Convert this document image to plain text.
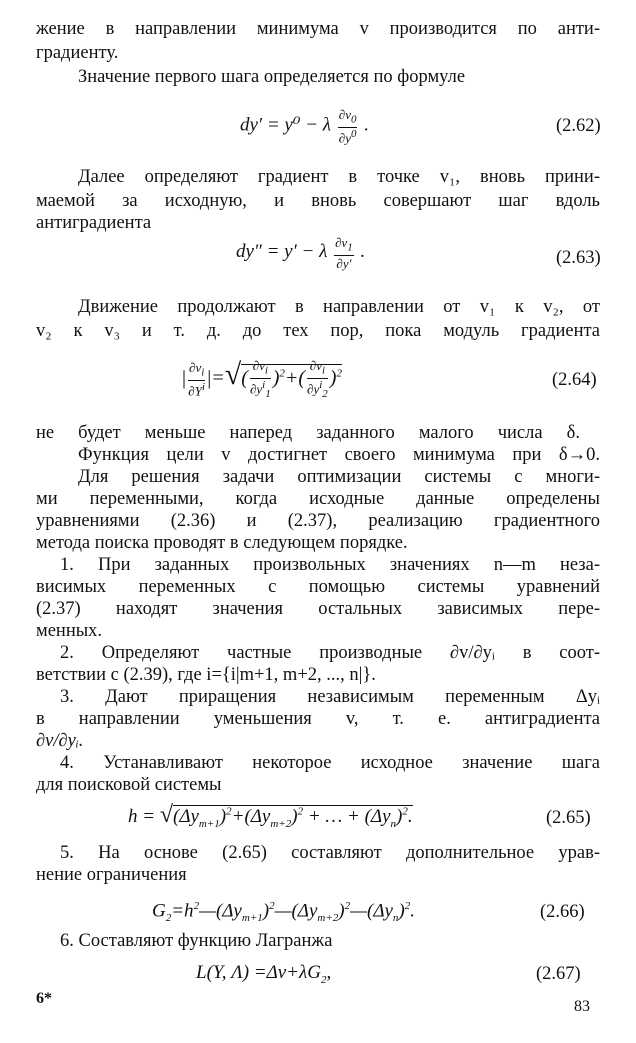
жение в направлении минимума v производится по анти-
градиенту.
Значение первого шага определяется по формуле
dy′ = y⁰ − λ $\frac{\partial v_0}{\partial y^0}$ .	(2.62)
Далее определяют градиент в точке v₁, вновь прини-
маемой за исходную, и вновь совершают шаг вдоль
антиградиента
dy″ = y′ − λ $\frac{\partial v_1}{\partial y'}$ .	(2.63)
Движение продолжают в направлении от v₁ к v₂, от
v₂ к v₃ и т. д. до тех пор, пока модуль градиента
| $\frac{\partial v_i}{\partial Y^i}$ |=√( $\frac{\partial v_i}{\partial y^i_1} )^2+( \frac{\partial v_i}{\partial y^i_2} )^2$	(2.64)
не будет меньше наперед заданного малого числа δ.
Функция цели v достигнет своего минимума при δ→0.
Для решения задачи оптимизации системы с многи-
ми переменными, когда исходные данные определены
уравнениями (2.36) и (2.37), реализацию градиентного
метода поиска проводят в следующем порядке.
1. При заданных произвольных значениях n—m неза-
висимых переменных с помощью системы уравнений
(2.37) находят значения остальных зависимых пере-
менных.
2. Определяют частные производные ∂v/∂yᵢ в соот-
ветствии с (2.39), где i={i|m+1, m+2, ..., n|}.
3. Дают приращения независимым переменным Δyᵢ
в направлении уменьшения v, т. е. антиградиента
∂v/∂yᵢ.
4. Устанавливают некоторое исходное значение шага
для поисковой системы
$h = √(\Delta y_{m+1})^2+(\Delta y_{m+2})^2$ + … + $(\Delta y_n)^2$.	(2.65)
5. На основе (2.65) составляют дополнительное урав-
нение ограничения
$G_2=h^2—(\Delta y_{m+1})^2—(\Delta y_{m+2})^2—(\Delta y_n)^2$.	(2.66)
6. Составляют функцию Лагранжа
L(Y, $\Lambda) =\Delta v+\lambda G_2$,	(2.67)
6*	83
